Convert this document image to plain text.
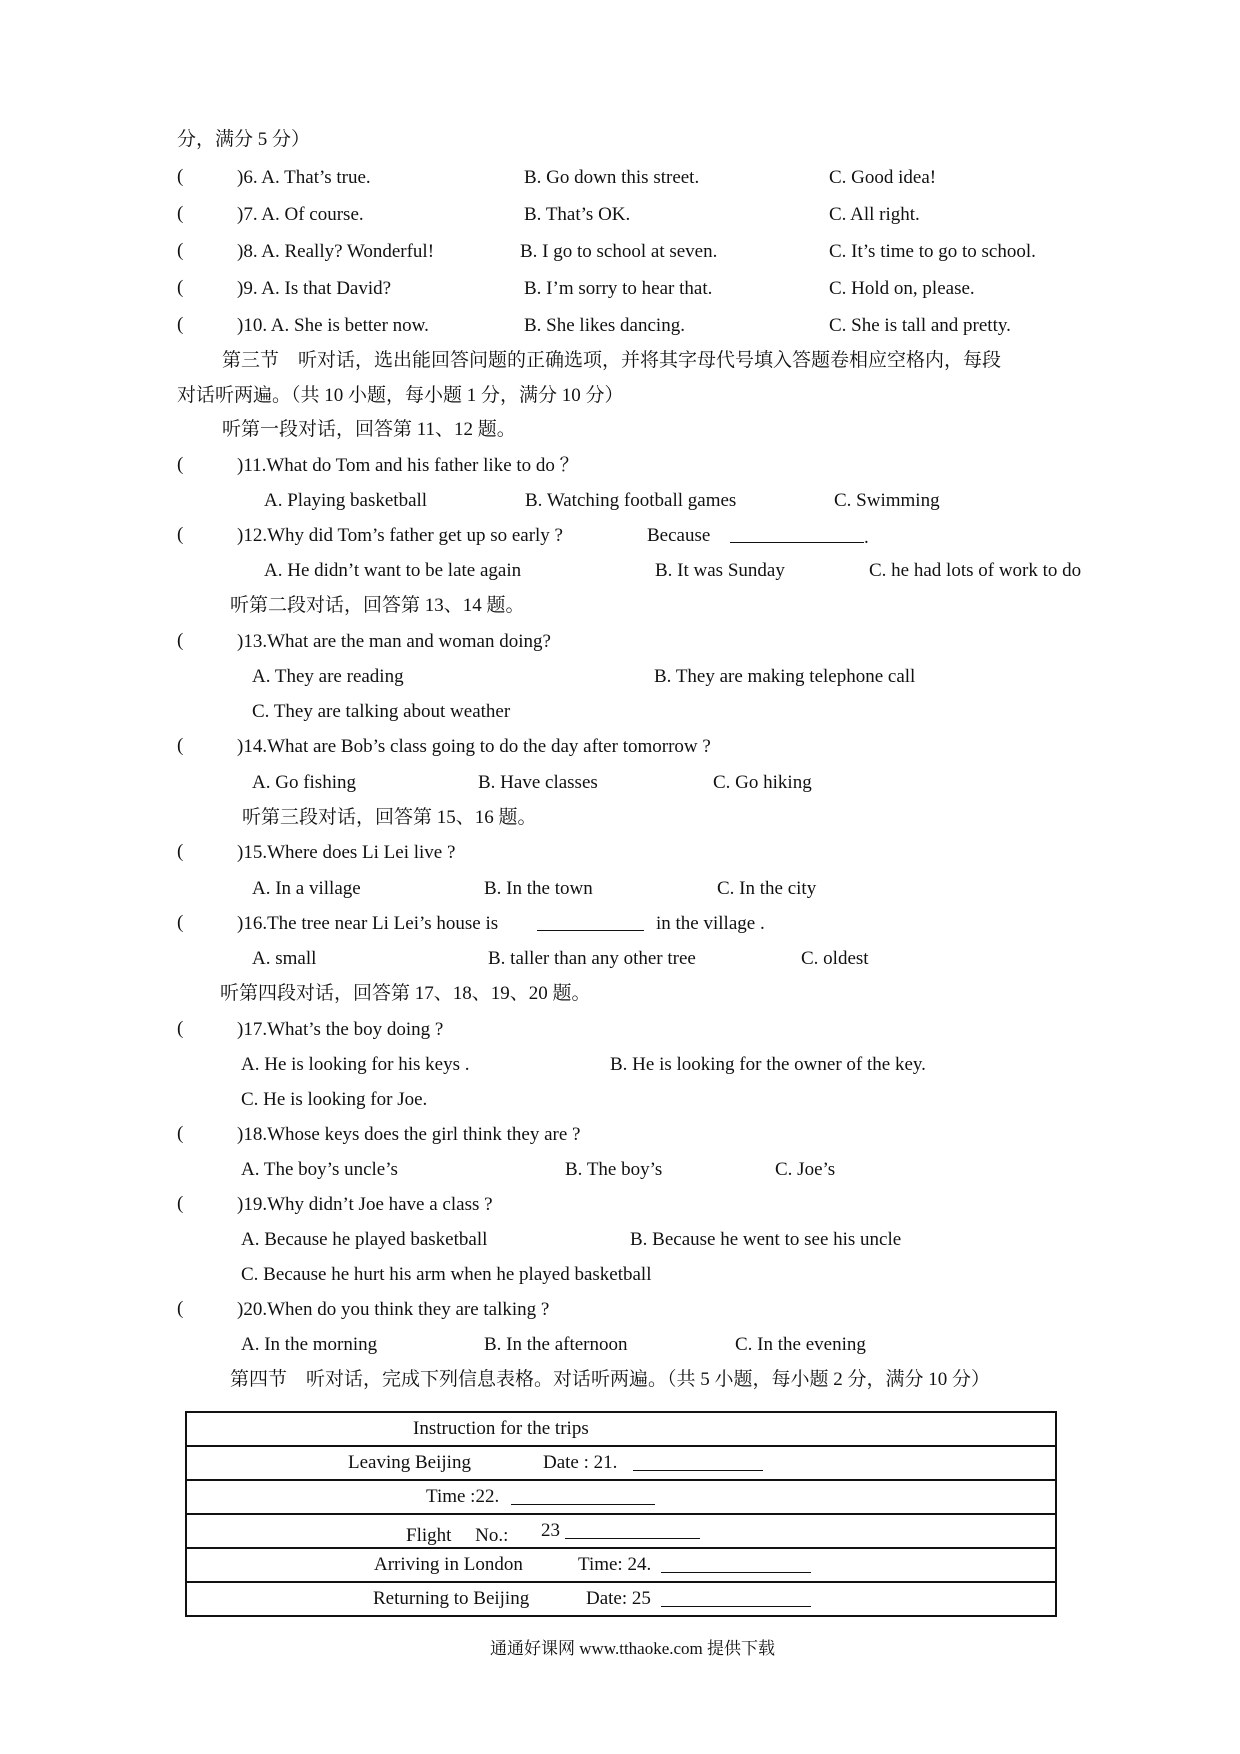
分，满分 5 分）
(	)6. A. That’s true.	B. Go down this street.	C. Good idea!
(	)7. A. Of course.	B. That’s OK.	C. All right.
(	)8. A. Really? Wonderful!	B. I go to school at seven.	C. It’s time to go to school.
(	)9. A. Is that David?	B. I’m sorry to hear that.	C. Hold on, please.
(	)10. A. She is better now.	B. She likes dancing.	C. She is tall and pretty.
第三节　听对话，选出能回答问题的正确选项，并将其字母代号填入答题卷相应空格内，每段
对话听两遍。（共 10 小题，每小题 1 分，满分 10 分）
听第一段对话，回答第 11、12 题。
(	)11.What do Tom and his father like to do ？
A. Playing basketball	B. Watching football games	C. Swimming
(	)12.Why did Tom’s father get up so early ?	Because	.
A. He didn’t want to be late again	B. It was Sunday	C. he had lots of work to do
听第二段对话，回答第 13、14 题。
(	)13.What are the man and woman doing?
A. They are reading	B. They are making telephone call
C. They are talking about weather
(	)14.What are Bob’s class going to do the day after tomorrow ?
A. Go fishing	B. Have classes	C. Go hiking
听第三段对话，回答第 15、16 题。
(	)15.Where does Li Lei live ?
A. In a village	B. In the town	C. In the city
(	)16.The tree near Li Lei’s house is	in the village .
A. small	B. taller than any other tree	C. oldest
听第四段对话，回答第 17、18、19、20 题。
(	)17.What’s the boy doing ?
A. He is looking for his keys .	B. He is looking for the owner of the key.
C. He is looking for Joe.
(	)18.Whose keys does the girl think they are ?
A. The boy’s uncle’s	B. The boy’s	C. Joe’s
(	)19.Why didn’t Joe have a class ?
A. Because he played basketball	B. Because he went to see his uncle
C. Because he hurt his arm when he played basketball
(	)20.When do you think they are talking ?
A. In the morning	B. In the afternoon	C. In the evening
第四节　听对话，完成下列信息表格。对话听两遍。（共 5 小题，每小题 2 分，满分 10 分）
Instruction for the trips

Leaving Beijing	Date : 21.

Time :22.

Flight　 No.: 23

Arriving in London	Time: 24.

Returning to Beijing	Date: 25
通通好课网 www.tthaoke.com 提供下载
